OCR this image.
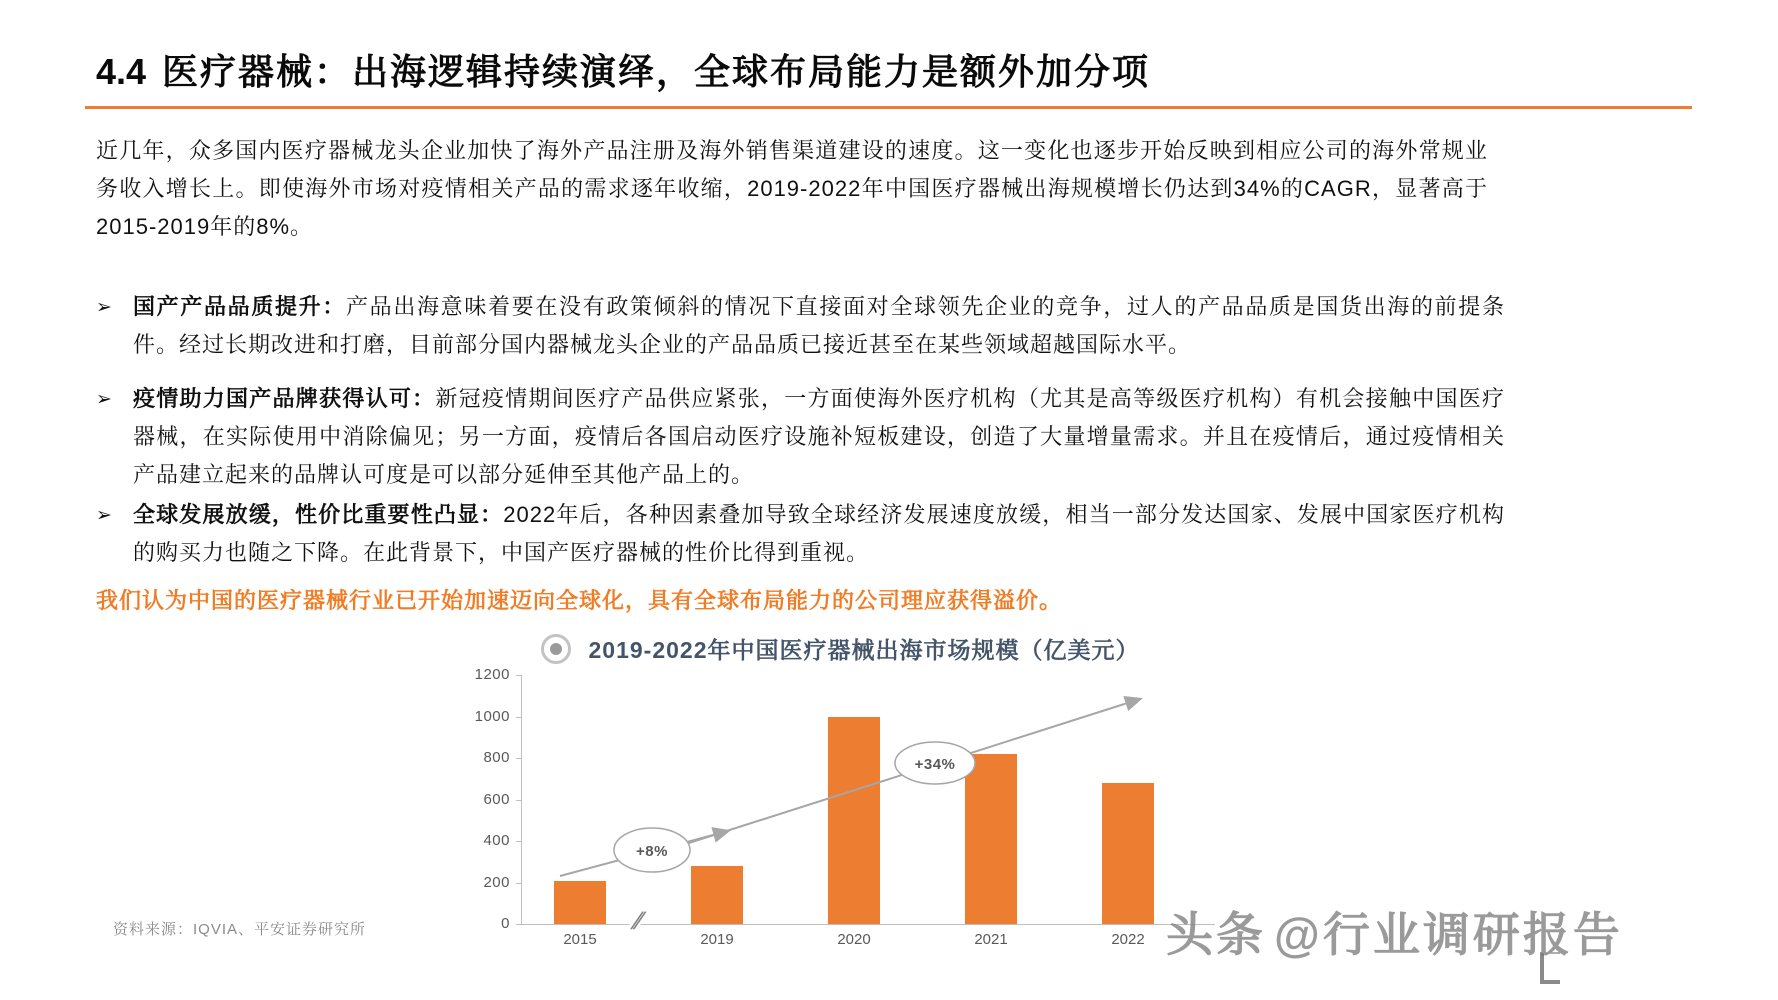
4.4 医疗器械：出海逻辑持续演绎，全球布局能力是额外加分项

近几年，众多国内医疗器械龙头企业加快了海外产品注册及海外销售渠道建设的速度。这一变化也逐步开始反映到相应公司的海外常规业务收入增长上。即使海外市场对疫情相关产品的需求逐年收缩，2019-2022年中国医疗器械出海规模增长仍达到34%的CAGR，显著高于2015-2019年的8%。

➢ 国产产品品质提升：产品出海意味着要在没有政策倾斜的情况下直接面对全球领先企业的竞争，过人的产品品质是国货出海的前提条件。经过长期改进和打磨，目前部分国内器械龙头企业的产品品质已接近甚至在某些领域超越国际水平。
➢ 疫情助力国产品牌获得认可：新冠疫情期间医疗产品供应紧张，一方面使海外医疗机构（尤其是高等级医疗机构）有机会接触中国医疗器械，在实际使用中消除偏见；另一方面，疫情后各国启动医疗设施补短板建设，创造了大量增量需求。并且在疫情后，通过疫情相关产品建立起来的品牌认可度是可以部分延伸至其他产品上的。
➢ 全球发展放缓，性价比重要性凸显：2022年后，各种因素叠加导致全球经济发展速度放缓，相当一部分发达国家、发展中国家医疗机构的购买力也随之下降。在此背景下，中国产医疗器械的性价比得到重视。

我们认为中国的医疗器械行业已开始加速迈向全球化，具有全球布局能力的公司理应获得溢价。

2019-2022年中国医疗器械出海市场规模（亿美元）
0
200
400
600
800
1000
1200
2015	2019	2020	2021	2022
//
+8%
+34%
资料来源：IQVIA、平安证券研究所	头条 @行业调研报告
